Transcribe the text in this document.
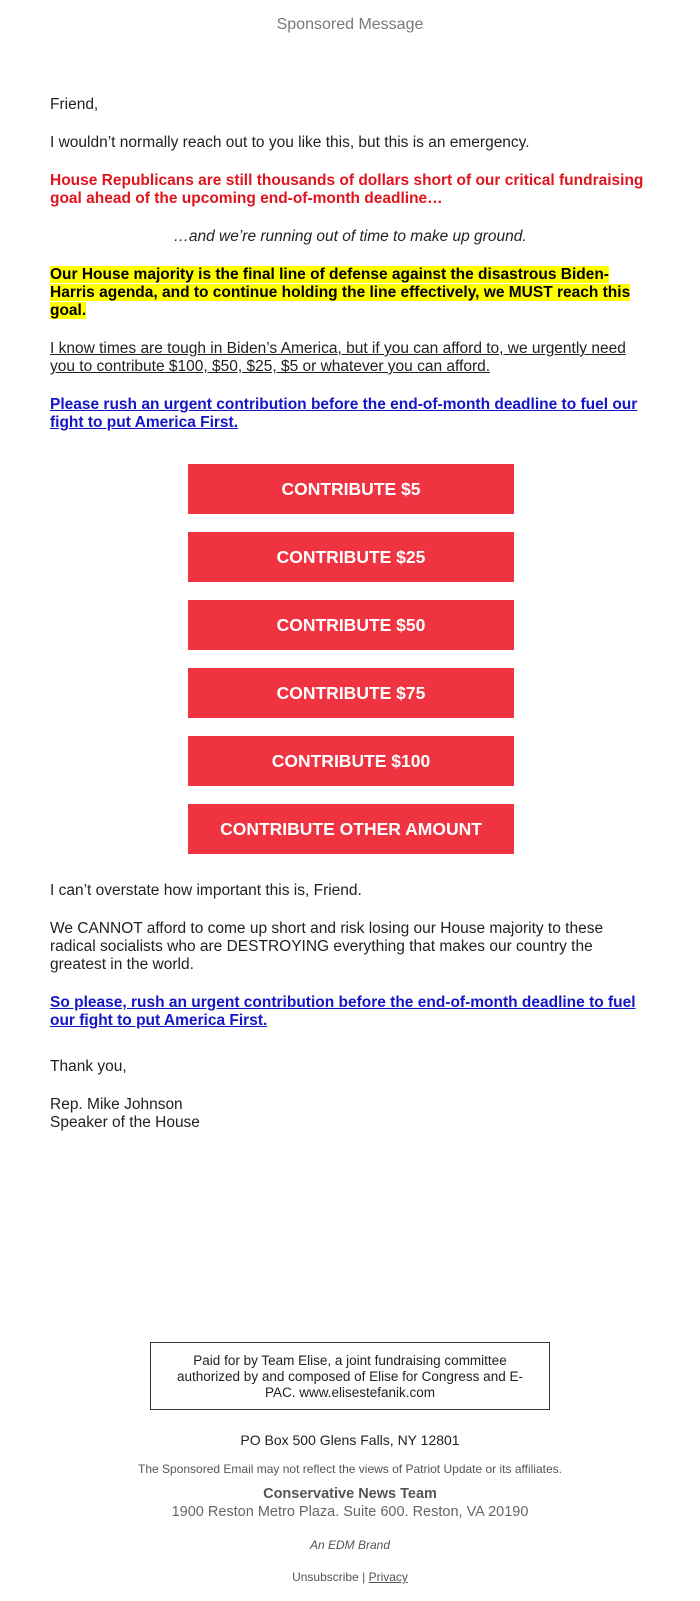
Sponsored Message

Friend,

I wouldn’t normally reach out to you like this, but this is an emergency.

House Republicans are still thousands of dollars short of our critical fundraising goal ahead of the upcoming end-of-month deadline…

…and we’re running out of time to make up ground.

Our House majority is the final line of defense against the disastrous Biden-Harris agenda, and to continue holding the line effectively, we MUST reach this goal.

I know times are tough in Biden’s America, but if you can afford to, we urgently need you to contribute $100, $50, $25, $5 or whatever you can afford.

Please rush an urgent contribution before the end-of-month deadline to fuel our fight to put America First.

CONTRIBUTE $5
CONTRIBUTE $25
CONTRIBUTE $50
CONTRIBUTE $75
CONTRIBUTE $100
CONTRIBUTE OTHER AMOUNT

I can’t overstate how important this is, Friend.

We CANNOT afford to come up short and risk losing our House majority to these radical socialists who are DESTROYING everything that makes our country the greatest in the world.

So please, rush an urgent contribution before the end-of-month deadline to fuel our fight to put America First.

Thank you,

Rep. Mike Johnson

Speaker of the House

Paid for by Team Elise, a joint fundraising committee authorized by and composed of Elise for Congress and E-PAC. www.elisestefanik.com
PO Box 500 Glens Falls, NY 12801
The Sponsored Email may not reflect the views of Patriot Update or its affiliates.
Conservative News Team
1900 Reston Metro Plaza. Suite 600. Reston, VA 20190
An EDM Brand
Unsubscribe | Privacy
